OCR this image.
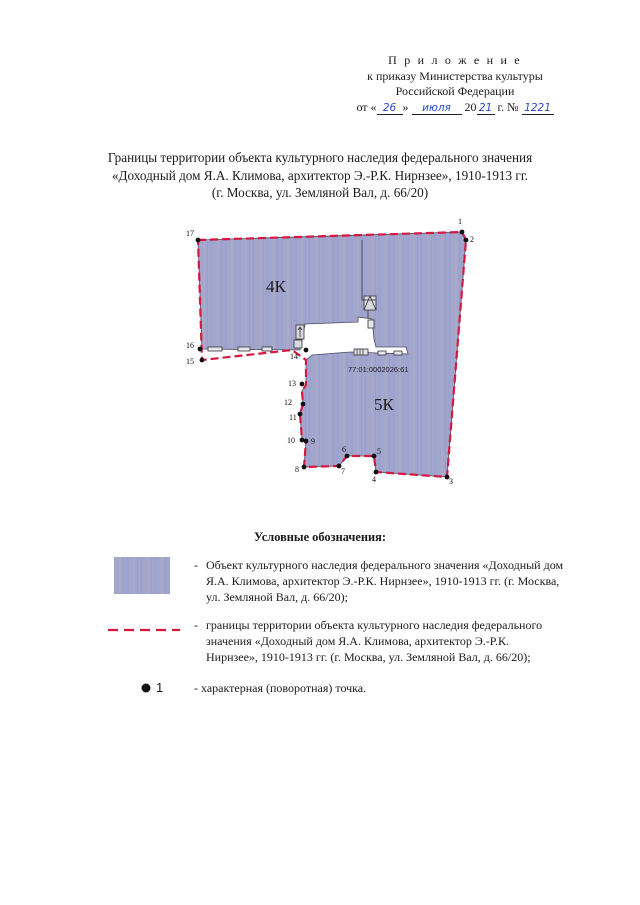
П р и л о ж е н и е
к приказу Министерства культуры
Российской Федерации
от « 26 » июля 20 21 г. № 1221
Границы территории объекта культурного наследия федерального значения
«Доходный дом Я.А. Климова, архитектор Э.-Р.К. Нирнзее», 1910-1913 гг.
(г. Москва, ул. Земляной Вал, д. 66/20)
1
2
3
4
5
6
7
8
9
10
11
12
13
14
15
16
17
4К
5К
77:01:0002026:61
Условные обозначения:
- Объект культурного наследия федерального значения «Доходный дом
Я.А. Климова, архитектор Э.-Р.К. Нирнзее», 1910-1913 гг. (г. Москва,
ул. Земляной Вал, д. 66/20);
- границы территории объекта культурного наследия федерального
значения «Доходный дом Я.А. Климова, архитектор Э.-Р.К.
Нирнзее», 1910-1913 гг. (г. Москва, ул. Земляной Вал, д. 66/20);
1	- характерная (поворотная) точка.
